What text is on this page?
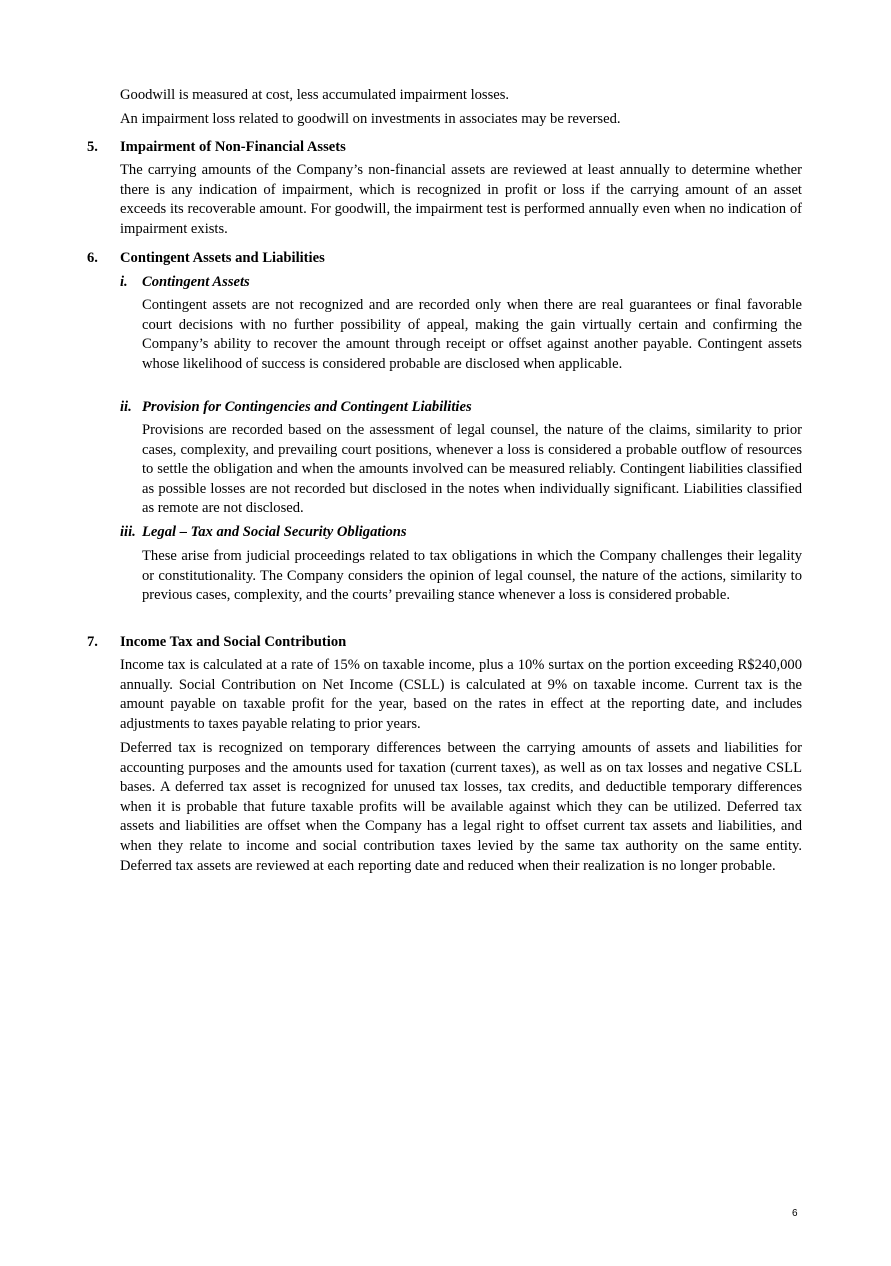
Goodwill is measured at cost, less accumulated impairment losses.

An impairment loss related to goodwill on investments in associates may be reversed.

5. Impairment of Non-Financial Assets

The carrying amounts of the Company’s non-financial assets are reviewed at least annually to determine whether there is any indication of impairment, which is recognized in profit or loss if the carrying amount of an asset exceeds its recoverable amount. For goodwill, the impairment test is performed annually even when no indication of impairment exists.

6. Contingent Assets and Liabilities

i. Contingent Assets

Contingent assets are not recognized and are recorded only when there are real guarantees or final favorable court decisions with no further possibility of appeal, making the gain virtually certain and confirming the Company’s ability to recover the amount through receipt or offset against another payable. Contingent assets whose likelihood of success is considered probable are disclosed when applicable.

ii. Provision for Contingencies and Contingent Liabilities

Provisions are recorded based on the assessment of legal counsel, the nature of the claims, similarity to prior cases, complexity, and prevailing court positions, whenever a loss is considered a probable outflow of resources to settle the obligation and when the amounts involved can be measured reliably. Contingent liabilities classified as possible losses are not recorded but disclosed in the notes when individually significant. Liabilities classified as remote are not disclosed.

iii. Legal – Tax and Social Security Obligations

These arise from judicial proceedings related to tax obligations in which the Company challenges their legality or constitutionality. The Company considers the opinion of legal counsel, the nature of the actions, similarity to previous cases, complexity, and the courts’ prevailing stance whenever a loss is considered probable.

7. Income Tax and Social Contribution

Income tax is calculated at a rate of 15% on taxable income, plus a 10% surtax on the portion exceeding R$240,000 annually. Social Contribution on Net Income (CSLL) is calculated at 9% on taxable income. Current tax is the amount payable on taxable profit for the year, based on the rates in effect at the reporting date, and includes adjustments to taxes payable relating to prior years.

Deferred tax is recognized on temporary differences between the carrying amounts of assets and liabilities for accounting purposes and the amounts used for taxation (current taxes), as well as on tax losses and negative CSLL bases. A deferred tax asset is recognized for unused tax losses, tax credits, and deductible temporary differences when it is probable that future taxable profits will be available against which they can be utilized. Deferred tax assets and liabilities are offset when the Company has a legal right to offset current tax assets and liabilities, and when they relate to income and social contribution taxes levied by the same tax authority on the same entity. Deferred tax assets are reviewed at each reporting date and reduced when their realization is no longer probable.

6
